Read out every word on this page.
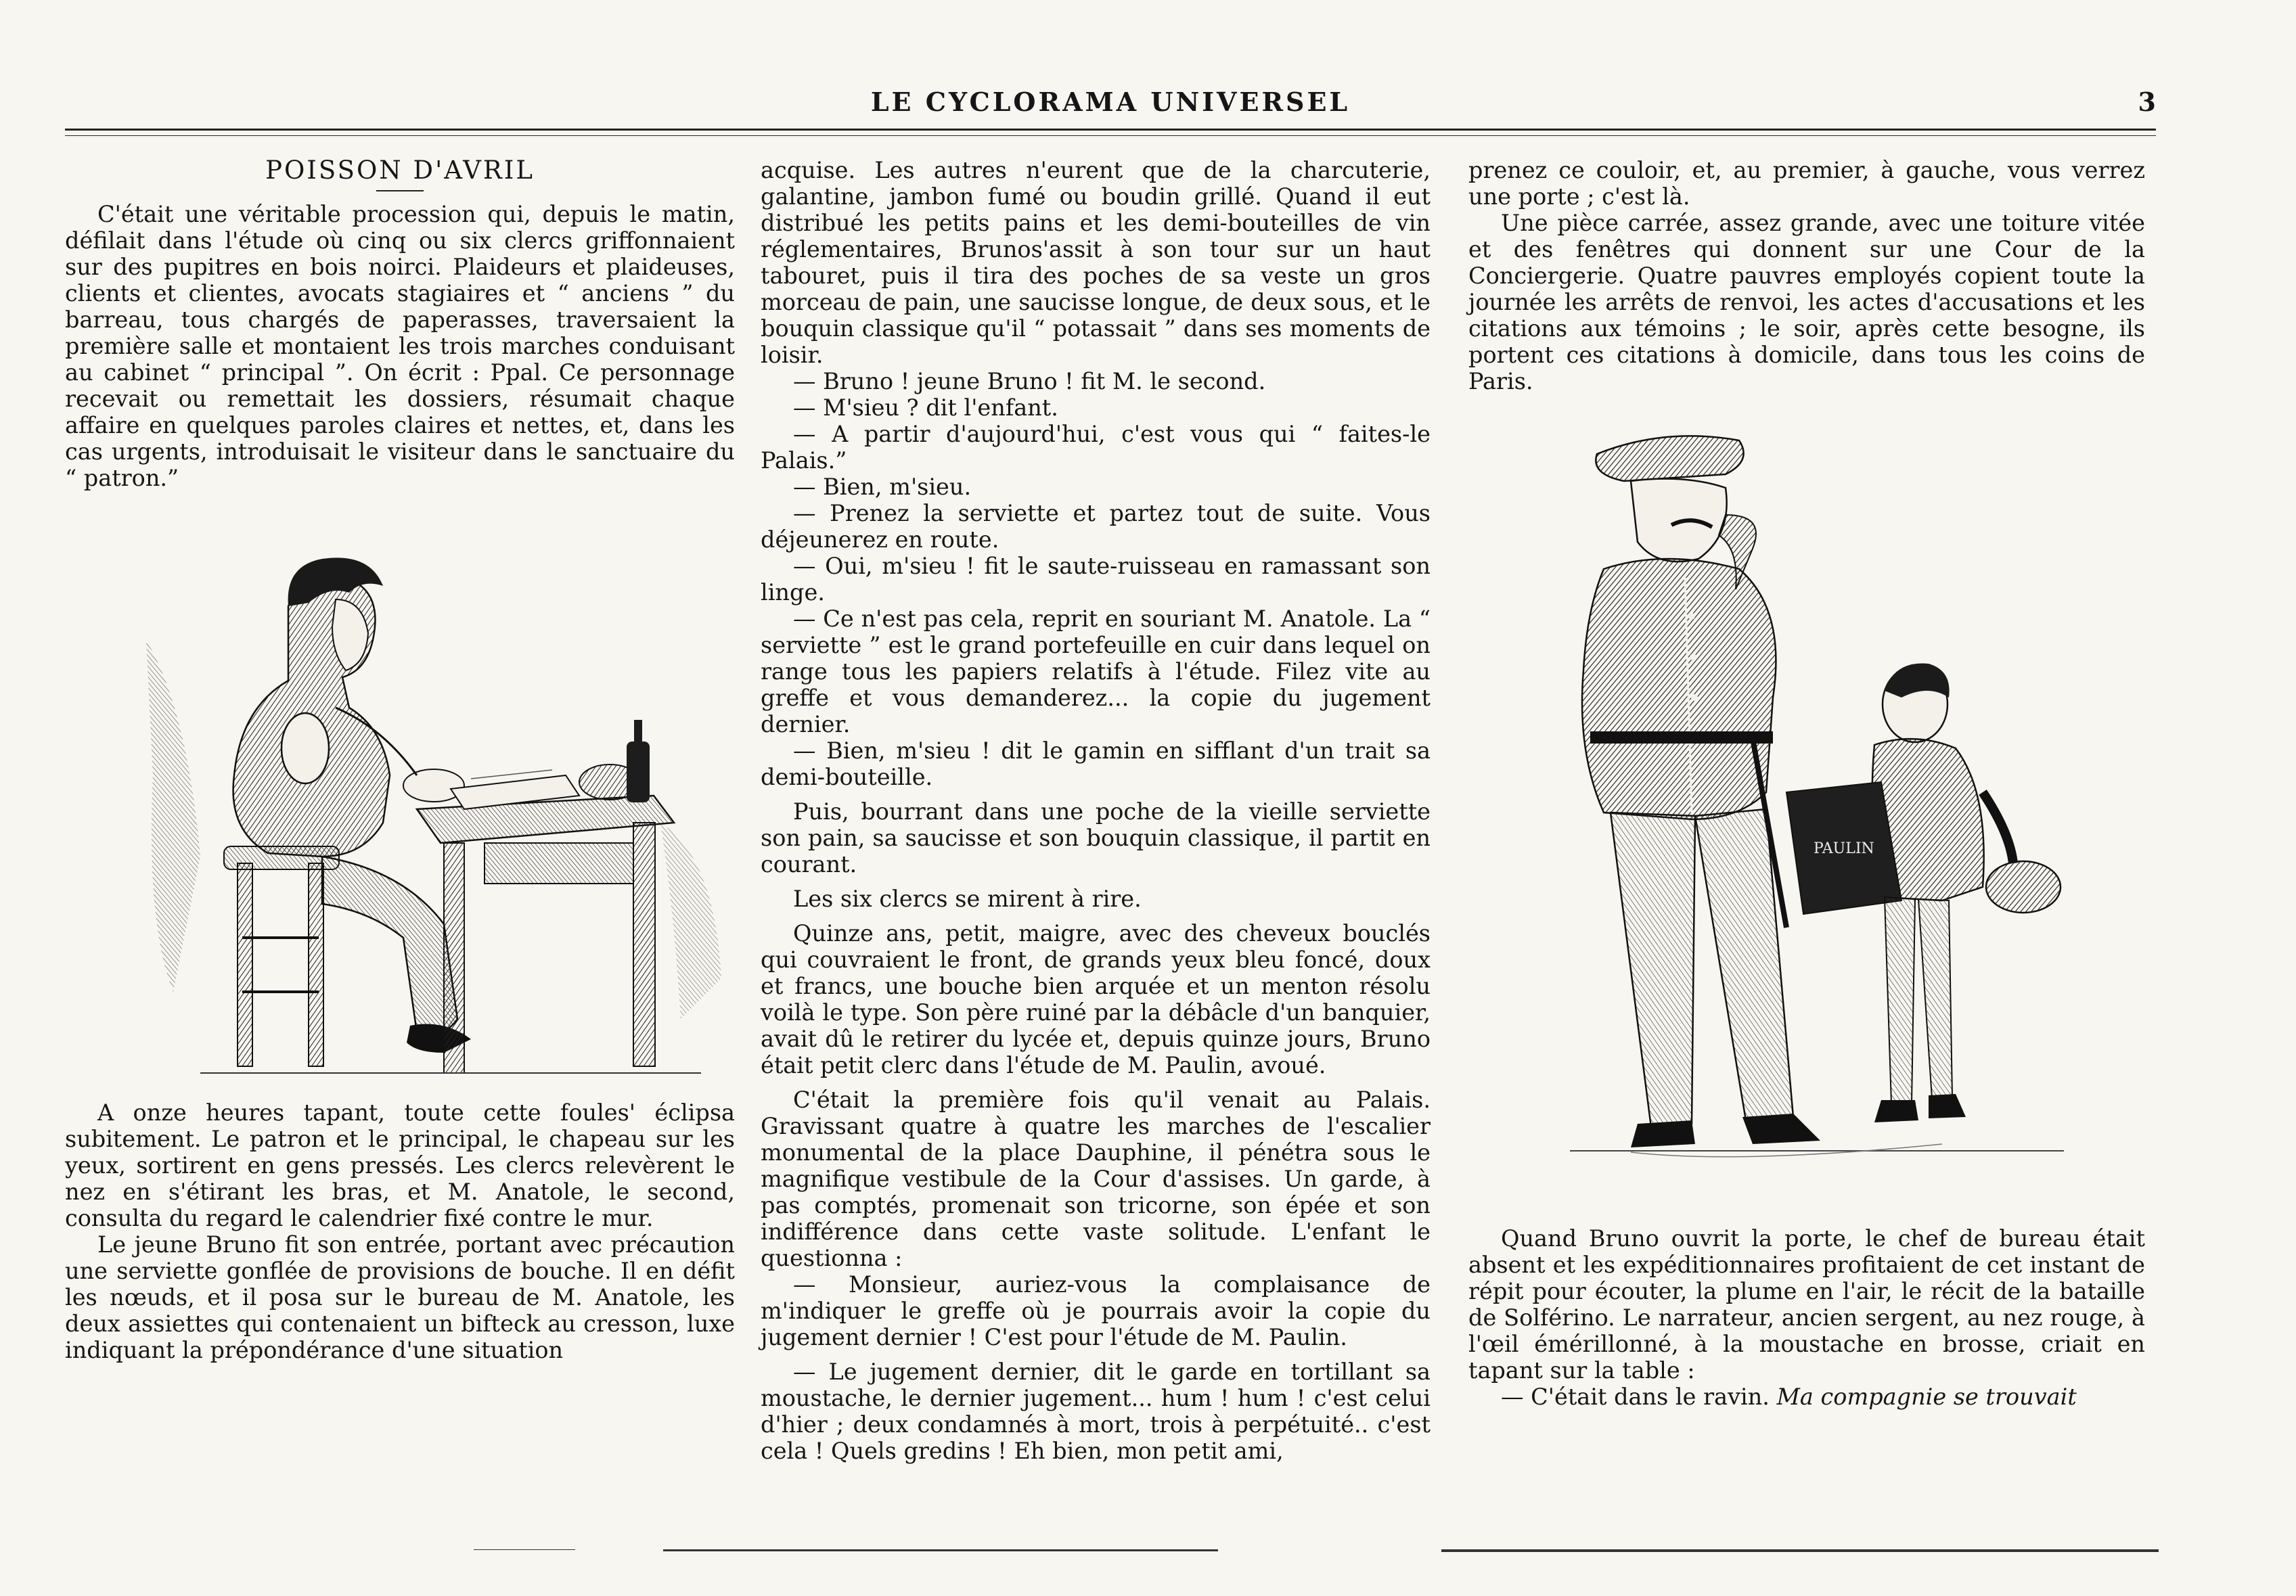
LE CYCLORAMA UNIVERSEL	3
POISSON D'AVRIL

C'était une véritable procession qui, depuis le matin, défilait dans l'étude où cinq ou six clercs griffonnaient sur des pupitres en bois noirci. Plaideurs et plaideuses, clients et clientes, avocats stagiaires et “ anciens ” du barreau, tous chargés de paperasses, traversaient la première salle et montaient les trois marches conduisant au cabinet “ principal ”. On écrit : Ppal. Ce personnage recevait ou remettait les dossiers, résumait chaque affaire en quelques paroles claires et nettes, et, dans les cas urgents, introduisait le visiteur dans le sanctuaire du “ patron.”

A onze heures tapant, toute cette foules' éclipsa subitement. Le patron et le principal, le chapeau sur les yeux, sortirent en gens pressés. Les clercs relevèrent le nez en s'étirant les bras, et M. Anatole, le second, consulta du regard le calendrier fixé contre le mur.

Le jeune Bruno fit son entrée, portant avec précaution une serviette gonflée de provisions de bouche. Il en défit les nœuds, et il posa sur le bureau de M. Anatole, les deux assiettes qui contenaient un bifteck au cresson, luxe indiquant la prépondérance d'une situation

acquise. Les autres n'eurent que de la charcuterie, galantine, jambon fumé ou boudin grillé. Quand il eut distribué les petits pains et les demi-bouteilles de vin réglementaires, Brunos'assit à son tour sur un haut tabouret, puis il tira des poches de sa veste un gros morceau de pain, une saucisse longue, de deux sous, et le bouquin classique qu'il “ potassait ” dans ses moments de loisir.

— Bruno ! jeune Bruno ! fit M. le second.

— M'sieu ? dit l'enfant.

— A partir d'aujourd'hui, c'est vous qui “ faites-le Palais.”

— Bien, m'sieu.

— Prenez la serviette et partez tout de suite. Vous déjeunerez en route.

— Oui, m'sieu ! fit le saute-ruisseau en ramassant son linge.

— Ce n'est pas cela, reprit en souriant M. Anatole. La “ serviette ” est le grand portefeuille en cuir dans lequel on range tous les papiers relatifs à l'étude. Filez vite au greffe et vous demanderez... la copie du jugement dernier.

— Bien, m'sieu ! dit le gamin en sifflant d'un trait sa demi-bouteille.

Puis, bourrant dans une poche de la vieille serviette son pain, sa saucisse et son bouquin classique, il partit en courant.

Les six clercs se mirent à rire.

Quinze ans, petit, maigre, avec des cheveux bouclés qui couvraient le front, de grands yeux bleu foncé, doux et francs, une bouche bien arquée et un menton résolu voilà le type. Son père ruiné par la débâcle d'un banquier, avait dû le retirer du lycée et, depuis quinze jours, Bruno était petit clerc dans l'étude de M. Paulin, avoué.

C'était la première fois qu'il venait au Palais. Gravissant quatre à quatre les marches de l'escalier monumental de la place Dauphine, il pénétra sous le magnifique vestibule de la Cour d'assises. Un garde, à pas comptés, promenait son tricorne, son épée et son indifférence dans cette vaste solitude. L'enfant le questionna :

— Monsieur, auriez-vous la complaisance de m'indiquer le greffe où je pourrais avoir la copie du jugement dernier ! C'est pour l'étude de M. Paulin.

— Le jugement dernier, dit le garde en tortillant sa moustache, le dernier jugement... hum ! hum ! c'est celui d'hier ; deux condamnés à mort, trois à perpétuité.. c'est cela ! Quels gredins ! Eh bien, mon petit ami,

prenez ce couloir, et, au premier, à gauche, vous verrez une porte ; c'est là.

Une pièce carrée, assez grande, avec une toiture vitée et des fenêtres qui donnent sur une Cour de la Conciergerie. Quatre pauvres employés copient toute la journée les arrêts de renvoi, les actes d'accusations et les citations aux témoins ; le soir, après cette besogne, ils portent ces citations à domicile, dans tous les coins de Paris.

PAULIN

Quand Bruno ouvrit la porte, le chef de bureau était absent et les expéditionnaires profitaient de cet instant de répit pour écouter, la plume en l'air, le récit de la bataille de Solférino. Le narrateur, ancien sergent, au nez rouge, à l'œil émérillonné, à la moustache en brosse, criait en tapant sur la table :

— C'était dans le ravin. Ma compagnie se trouvait
